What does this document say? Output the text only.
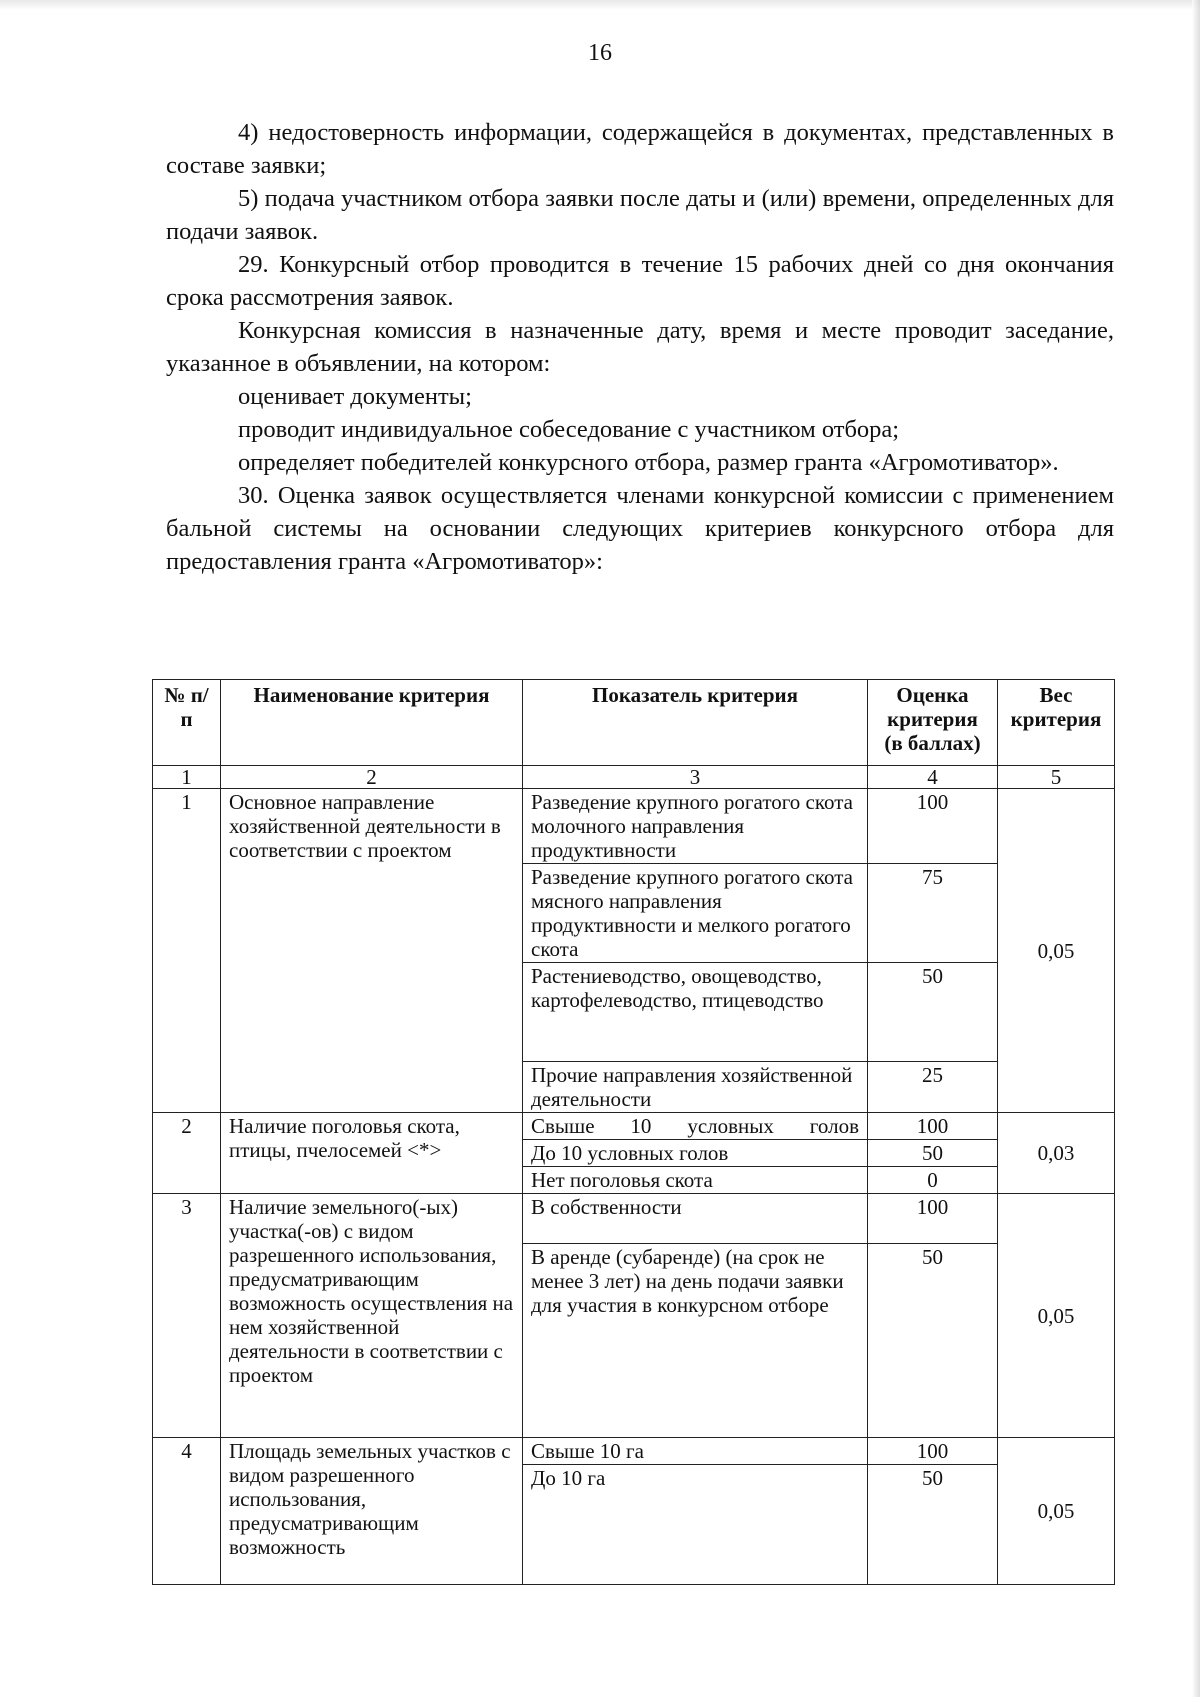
16

4) недостоверность информации, содержащейся в документах, представленных в составе заявки;

5) подача участником отбора заявки после даты и (или) времени, определенных для подачи заявок.

29. Конкурсный отбор проводится в течение 15 рабочих дней со дня окончания срока рассмотрения заявок.

Конкурсная комиссия в назначенные дату, время и месте проводит заседание, указанное в объявлении, на котором:

оценивает документы;

проводит индивидуальное собеседование с участником отбора;

определяет победителей конкурсного отбора, размер гранта «Агромотиватор».

30. Оценка заявок осуществляется членами конкурсной комиссии с применением бальной системы на основании следующих критериев конкурсного отбора для предоставления гранта «Агромотиватор»:

№ п/п	Наименование критерия	Показатель критерия	Оценка критерия (в баллах)	Вес критерия
1	2	3	4	5
1	Основное направление хозяйственной деятельности в соответствии с проектом	Разведение крупного рогатого скота молочного направления продуктивности	100	0,05
		Разведение крупного рогатого скота мясного направления продуктивности и мелкого рогатого скота	75	
		Растениеводство, овощеводство, картофелеводство, птицеводство	50	
		Прочие направления хозяйственной деятельности	25	
2	Наличие поголовья скота, птицы, пчелосемей <*>	Свыше 10 условных голов	100	0,03
		До 10 условных голов	50	
		Нет поголовья скота	0	
3	Наличие земельного(-ых) участка(-ов) с видом разрешенного использования, предусматривающим возможность осуществления на нем хозяйственной деятельности в соответствии с проектом	В собственности	100	0,05
		В аренде (субаренде) (на срок не менее 3 лет) на день подачи заявки для участия в конкурсном отборе	50	
4	Площадь земельных участков с видом разрешенного использования, предусматривающим возможность	Свыше 10 га	100	0,05
		До 10 га	50	
